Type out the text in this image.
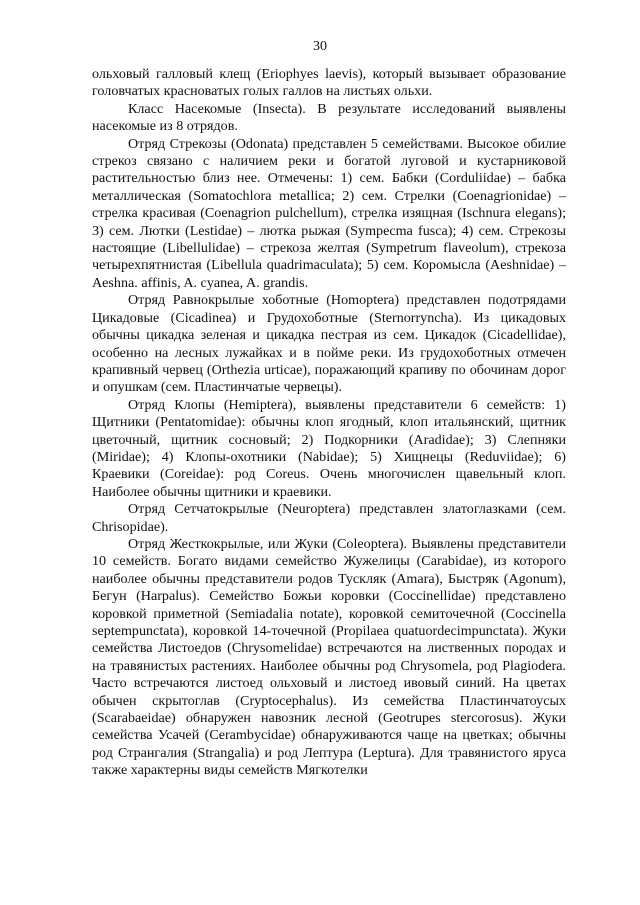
30

ольховый галловый клещ (Eriophyes laevis), который вызывает образование головчатых красноватых голых галлов на листьях ольхи.

Класс Насекомые (Insecta). В результате исследований выявлены насекомые из 8 отрядов.

Отряд Стрекозы (Odonata) представлен 5 семействами. Высокое обилие стрекоз связано с наличием реки и богатой луговой и кустарниковой растительностью близ нее. Отмечены: 1) сем. Бабки (Corduliidae) – бабка металлическая (Somatochlora metallica; 2) сем. Стрелки (Coenagrionidae) – стрелка красивая (Coenagrion pulchellum), стрелка изящная (Ischnura elegans); 3) сем. Лютки (Lestidae) – лютка рыжая (Sympecma fusca); 4) сем. Стрекозы настоящие (Libellulidae) – стрекоза желтая (Sympetrum flaveolum), стрекоза четырехпятнистая (Libellula quadrimaculata); 5) сем. Коромысла (Aeshnidae) – Aeshna. affinis, A. cyanea, A. grandis.

Отряд Равнокрылые хоботные (Homoptera) представлен подотрядами Цикадовые (Cicadinea) и Грудохоботные (Sternorryncha). Из цикадовых обычны цикадка зеленая и цикадка пестрая из сем. Цикадок (Cicadellidae), особенно на лесных лужайках и в пойме реки. Из грудохоботных отмечен крапивный червец (Orthezia urticae), поражающий крапиву по обочинам дорог и опушкам (сем. Пластинчатые червецы).

Отряд Клопы (Hemiptera), выявлены представители 6 семейств: 1) Щитники (Pentatomidae): обычны клоп ягодный, клоп итальянский, щитник цветочный, щитник сосновый; 2) Подкорники (Aradidae); 3) Слепняки (Miridae); 4) Клопы-охотники (Nabidae); 5) Хищнецы (Reduviidae); 6) Краевики (Coreidae): род Coreus. Очень многочислен щавельный клоп. Наиболее обычны щитники и краевики.

Отряд Сетчатокрылые (Neuroptera) представлен златоглазками (сем. Chrisopidae).

Отряд Жесткокрылые, или Жуки (Coleoptera). Выявлены представители 10 семейств. Богато видами семейство Жужелицы (Carabidae), из которого наиболее обычны представители родов Тускляк (Amara), Быстряк (Agonum), Бегун (Harpalus). Семейство Божьи коровки (Coccinellidae) представлено коровкой приметной (Semiadalia notate), коровкой семиточечной (Coccinella septempunctata), коровкой 14-точечной (Propilaea quatuordecimpunctata). Жуки семейства Листоедов (Chrysomelidae) встречаются на лиственных породах и на травянистых растениях. Наиболее обычны род Chrysomela, род Plagiodera. Часто встречаются листоед ольховый и листоед ивовый синий. На цветах обычен скрытоглав (Cryptocephalus). Из семейства Пластинчатоусых (Scarabaeidae) обнаружен навозник лесной (Geotrupes stercorosus). Жуки семейства Усачей (Cerambycidae) обнаруживаются чаще на цветках; обычны род Странгалия (Strangalia) и род Лептура (Leptura). Для травянистого яруса также характерны виды семейств Мягкотелки
